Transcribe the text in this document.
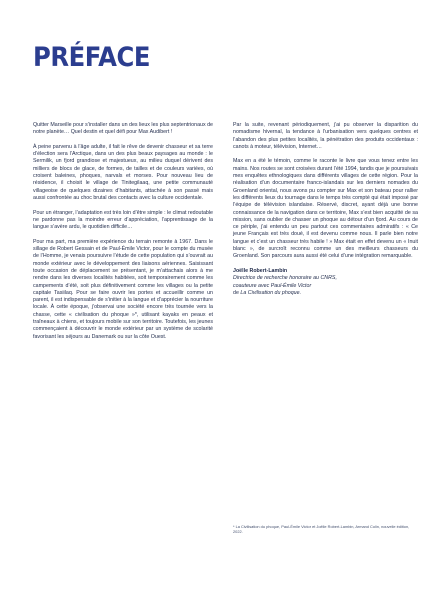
PRÉFACE

Quitter Marseille pour s’installer dans un des lieux les plus septentrionaux de notre planète… Quel destin et quel défi pour Max Audibert !

À peine parvenu à l’âge adulte, il fait le rêve de devenir chasseur et sa terre d’élection sera l’Arctique, dans un des plus beaux paysages au monde : le Sermilik, un fjord grandiose et majestueux, au milieu duquel dérivent des milliers de blocs de glace, de formes, de tailles et de couleurs variées, où croisent baleines, phoques, narvals et morses. Pour nouveau lieu de résidence, il choisit le village de Tinitegilaaq, une petite communauté villageoise de quelques dizaines d’habitants, attachée à son passé mais aussi confrontée au choc brutal des contacts avec la culture occidentale.

Pour un étranger, l’adaptation est très loin d’être simple : le climat redoutable ne pardonne pas la moindre erreur d’appréciation, l’apprentissage de la langue s’avère ardu, le quotidien difficile…

Pour ma part, ma première expérience du terrain remonte à 1967. Dans le sillage de Robert Gessain et de Paul-Émile Victor, pour le compte du musée de l’Homme, je venais poursuivre l’étude de cette population qui s’ouvrait au monde extérieur avec le développement des liaisons aériennes. Saisissant toute occasion de déplacement se présentant, je m’attachais alors à me rendre dans les diverses localités habitées, soit temporairement comme les campements d’été, soit plus définitivement comme les villages ou la petite capitale Tasiilaq. Pour se faire ouvrir les portes et accueillir comme un parent, il est indispensable de s’initier à la langue et d’apprécier la nourriture locale. À cette époque, j’observai une société encore très tournée vers la chasse, cette « civilisation du phoque »*, utilisant kayaks en peaux et traîneaux à chiens, et toujours mobile sur son territoire. Toutefois, les jeunes commençaient à découvrir le monde extérieur par un système de scolarité favorisant les séjours au Danemark ou sur la côte Ouest.

Par la suite, revenant périodiquement, j’ai pu observer la disparition du nomadisme hivernal, la tendance à l’urbanisation vers quelques centres et l’abandon des plus petites localités, la pénétration des produits occidentaux : canots à moteur, télévision, Internet…

Max en a été le témoin, comme le raconte le livre que vous tenez entre les mains. Nos routes se sont croisées durant l’été 1994, tandis que je poursuivais mes enquêtes ethnologiques dans différents villages de cette région. Pour la réalisation d’un documentaire franco-islandais sur les derniers nomades du Groenland oriental, nous avons pu compter sur Max et son bateau pour rallier les différents lieux du tournage dans le temps très compté qui était imposé par l’équipe de télévision islandaise. Réservé, discret, ayant déjà une bonne connaissance de la navigation dans ce territoire, Max s’est bien acquitté de sa mission, sans oublier de chasser un phoque au détour d’un fjord. Au cours de ce périple, j’ai entendu un peu partout ces commentaires admiratifs : « Ce jeune Français est très doué, il est devenu comme nous. Il parle bien notre langue et c’est un chasseur très habile ! » Max était en effet devenu un « Inuit blanc », de surcroît reconnu comme un des meilleurs chasseurs du Groenland. Son parcours aura aussi été celui d’une intégration remarquable.

Joëlle Robert-Lambin
Directrice de recherche honoraire au CNRS,
coauteure avec Paul-Émile Victor
de La Civilisation du phoque.
* La Civilisation du phoque, Paul-Émile Victor et Joëlle Robert-Lambin, Armand Colin, nouvelle édition, 2022.
